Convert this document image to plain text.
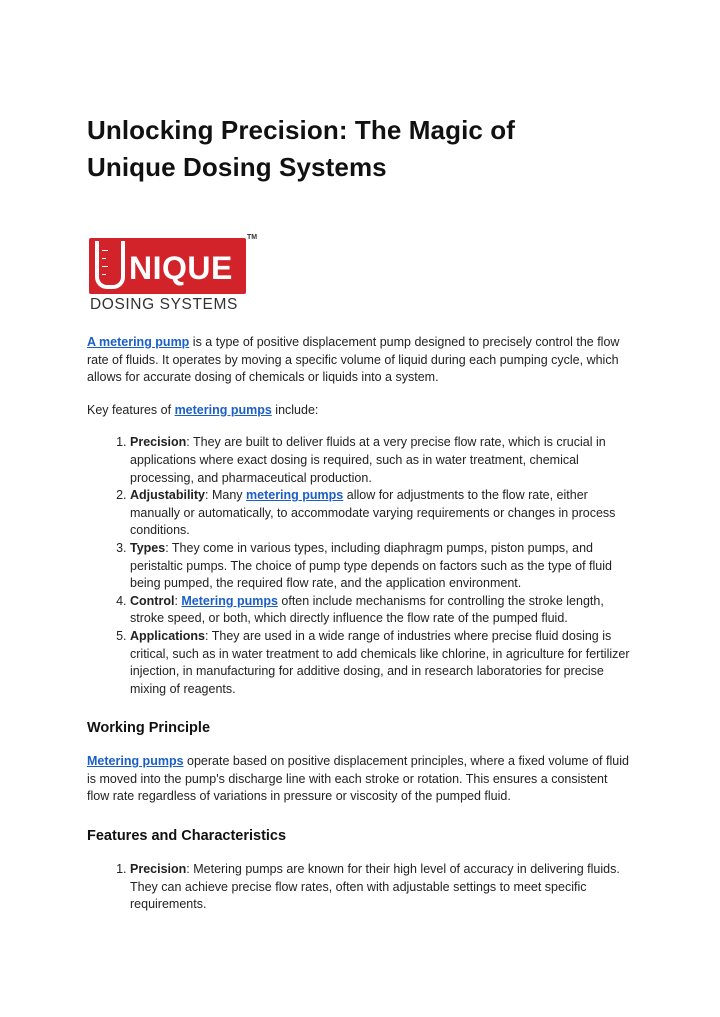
Unlocking Precision: The Magic of
Unique Dosing Systems
NIQUE
TM
DOSING SYSTEMS

A metering pump is a type of positive displacement pump designed to precisely control the flow rate of fluids. It operates by moving a specific volume of liquid during each pumping cycle, which allows for accurate dosing of chemicals or liquids into a system.

Key features of metering pumps include:

1. Precision: They are built to deliver fluids at a very precise flow rate, which is crucial in applications where exact dosing is required, such as in water treatment, chemical processing, and pharmaceutical production.
2. Adjustability: Many metering pumps allow for adjustments to the flow rate, either manually or automatically, to accommodate varying requirements or changes in process conditions.
3. Types: They come in various types, including diaphragm pumps, piston pumps, and peristaltic pumps. The choice of pump type depends on factors such as the type of fluid being pumped, the required flow rate, and the application environment.
4. Control: Metering pumps often include mechanisms for controlling the stroke length, stroke speed, or both, which directly influence the flow rate of the pumped fluid.
5. Applications: They are used in a wide range of industries where precise fluid dosing is critical, such as in water treatment to add chemicals like chlorine, in agriculture for fertilizer injection, in manufacturing for additive dosing, and in research laboratories for precise mixing of reagents.
Working Principle

Metering pumps operate based on positive displacement principles, where a fixed volume of fluid is moved into the pump's discharge line with each stroke or rotation. This ensures a consistent flow rate regardless of variations in pressure or viscosity of the pumped fluid.

Features and Characteristics
1. Precision: Metering pumps are known for their high level of accuracy in delivering fluids. They can achieve precise flow rates, often with adjustable settings to meet specific requirements.
